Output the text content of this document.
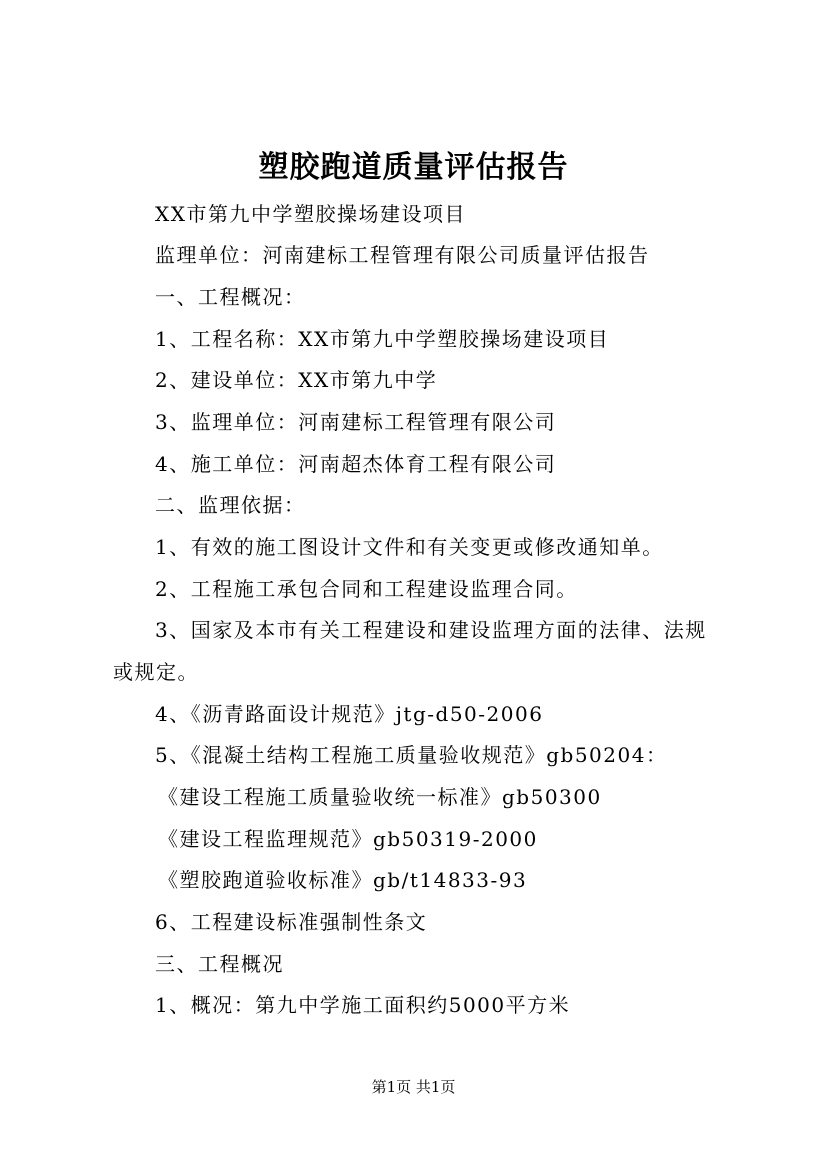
塑胶跑道质量评估报告
XX市第九中学塑胶操场建设项目
监理单位：河南建标工程管理有限公司质量评估报告
一、工程概况：
1、工程名称：XX市第九中学塑胶操场建设项目
2、建设单位：XX市第九中学
3、监理单位：河南建标工程管理有限公司
4、施工单位：河南超杰体育工程有限公司
二、监理依据：
1、有效的施工图设计文件和有关变更或修改通知单。
2、工程施工承包合同和工程建设监理合同。
3、国家及本市有关工程建设和建设监理方面的法律、法规
或规定。
4、《沥青路面设计规范》jtg-d50-2006
5、《混凝土结构工程施工质量验收规范》gb50204：
《建设工程施工质量验收统一标准》gb50300
《建设工程监理规范》gb50319-2000
《塑胶跑道验收标准》gb/t14833-93
6、工程建设标准强制性条文
三、工程概况
1、概况：第九中学施工面积约5000平方米
第1页 共1页
